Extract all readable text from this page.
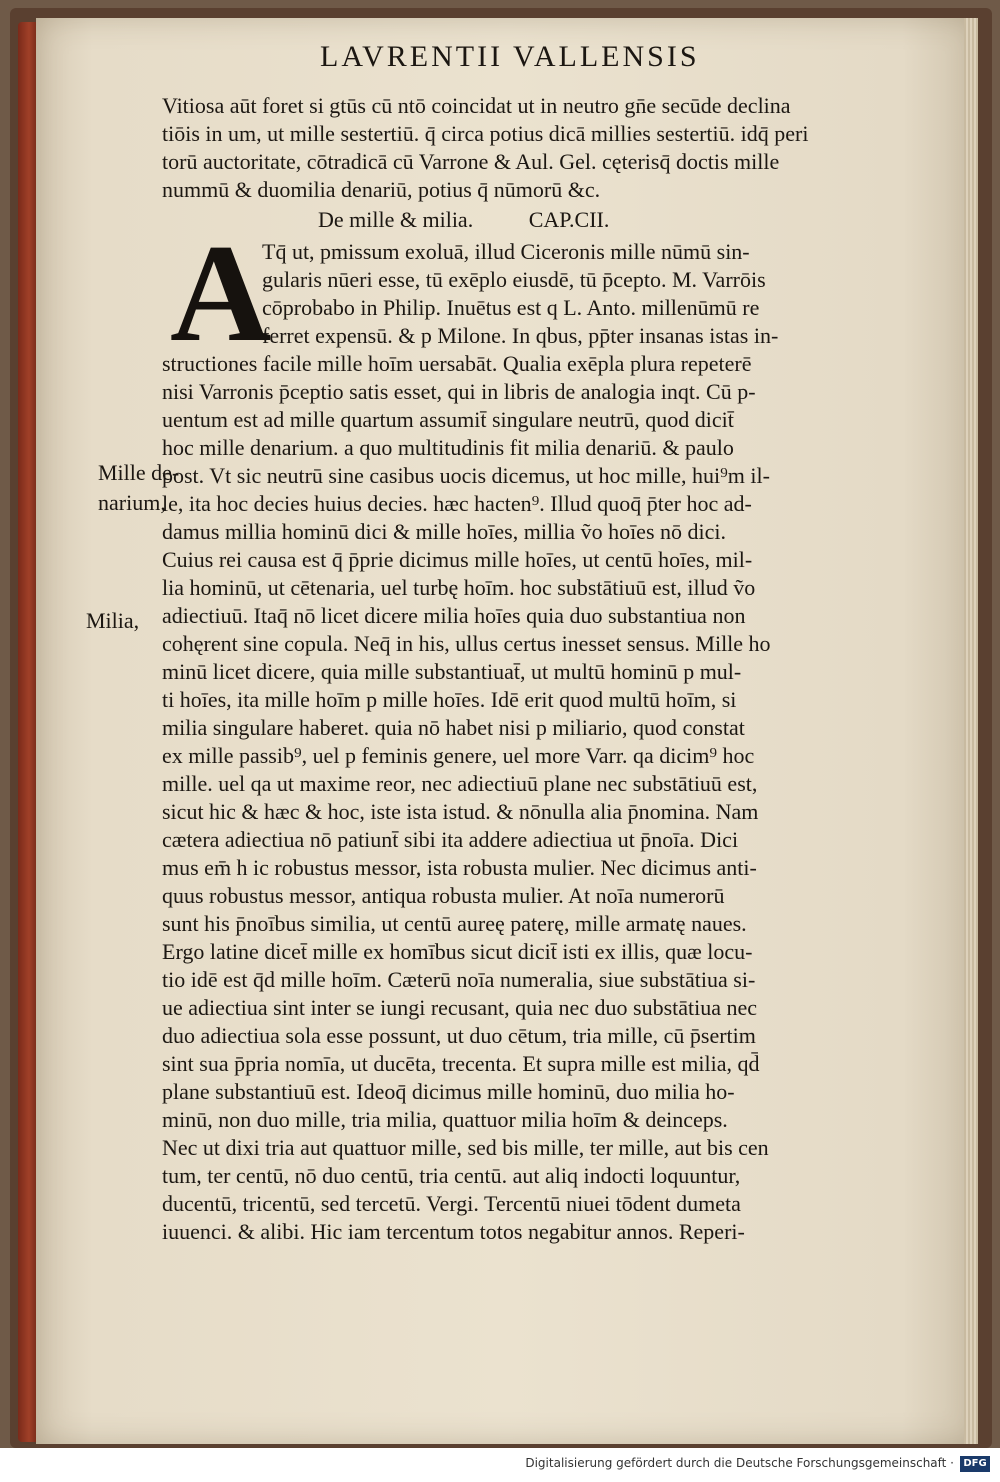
LAVRENTII VALLENSIS
Mille de-
narium,
Milia,
Vitiosa aūt foret si gtūs cū ntō coincidat ut in neutro gn̄e secūde declina
tiōis in um, ut mille sestertiū. q̄ circa potius dicā millies sestertiū. idq̄ peri
torū auctoritate, cōtradicā cū Varrone & Aul. Gel. cęterisq̄ doctis mille
nummū & duomilia denariū, potius q̄ nūmorū &c.
De mille & milia.	CAP.CII.
A
Tq̄ ut, pmissum exoluā, illud Ciceronis mille nūmū sin-
gularis nūeri esse, tū exēplo eiusdē, tū p̄cepto. M. Varrōis
cōprobabo in Philip. Inuētus est q L. Anto. millenūmū re
ferret expensū. & p Milone. In qbus, pp̄ter insanas istas in-
structiones facile mille hoīm uersabāt. Qualia exēpla plura repeterē
nisi Varronis p̄ceptio satis esset, qui in libris de analogia inqt. Cū p-
uentum est ad mille quartum assumit̄ singulare neutrū, quod dicit̄
hoc mille denarium. a quo multitudinis fit milia denariū. & paulo
post. Vt sic neutrū sine casibus uocis dicemus, ut hoc mille, hui⁹m il-
le, ita hoc decies huius decies. hæc hacten⁹. Illud quoq̄ p̄ter hoc ad-
damus millia hominū dici & mille hoīes, millia ṽo hoīes nō dici.
Cuius rei causa est q̄ p̄prie dicimus mille hoīes, ut centū hoīes, mil-
lia hominū, ut cētenaria, uel turbę hoīm. hoc substātiuū est, illud ṽo
adiectiuū. Itaq̄ nō licet dicere milia hoīes quia duo substantiua non
cohęrent sine copula. Neq̄ in his, ullus certus inesset sensus. Mille ho
minū licet dicere, quia mille substantiuat̄, ut multū hominū p mul-
ti hoīes, ita mille hoīm p mille hoīes. Idē erit quod multū hoīm, si
milia singulare haberet. quia nō habet nisi p miliario, quod constat
ex mille passib⁹, uel p feminis genere, uel more Varr. qa dicim⁹ hoc
mille. uel qa ut maxime reor, nec adiectiuū plane nec substātiuū est,
sicut hic & hæc & hoc, iste ista istud. & nōnulla alia p̄nomina. Nam
cætera adiectiua nō patiunt̄ sibi ita addere adiectiua ut p̄noīa. Dici
mus em̄ h ic robustus messor, ista robusta mulier. Nec dicimus anti-
quus robustus messor, antiqua robusta mulier. At noīa numerorū
sunt his p̄noībus similia, ut centū aureę paterę, mille armatę naues.
Ergo latine dicet̄ mille ex homībus sicut dicit̄ isti ex illis, quæ locu-
tio idē est q̄d mille hoīm. Cæterū noīa numeralia, siue substātiua si-
ue adiectiua sint inter se iungi recusant, quia nec duo substātiua nec
duo adiectiua sola esse possunt, ut duo cētum, tria mille, cū p̄sertim
sint sua p̄pria nomīa, ut ducēta, trecenta. Et supra mille est milia, qd̄
plane substantiuū est. Ideoq̄ dicimus mille hominū, duo milia ho-
minū, non duo mille, tria milia, quattuor milia hoīm & deinceps.
Nec ut dixi tria aut quattuor mille, sed bis mille, ter mille, aut bis cen
tum, ter centū, nō duo centū, tria centū. aut aliq indocti loquuntur,
ducentū, tricentū, sed tercetū. Vergi. Tercentū niuei tōdent dumeta
iuuenci. & alibi. Hic iam tercentum totos negabitur annos. Reperi-
Digitalisierung gefördert durch die Deutsche Forschungsgemeinschaft · DFG
